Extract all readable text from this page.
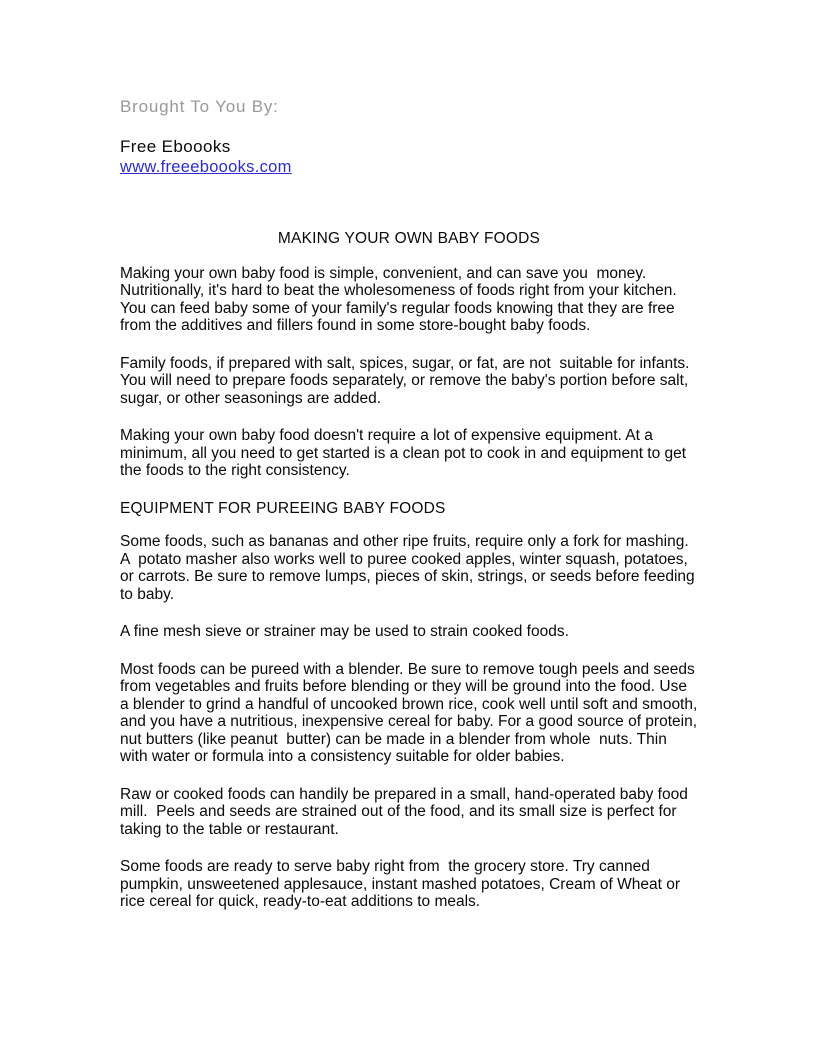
Brought To You By:

Free Eboooks

www.freeeboooks.com
MAKING YOUR OWN BABY FOODS

Making your own baby food is simple, convenient, and can save you  money. Nutritionally, it's hard to beat the wholesomeness of foods right from your kitchen. You can feed baby some of your family's regular foods knowing that they are free from the additives and fillers found in some store-bought baby foods.

Family foods, if prepared with salt, spices, sugar, or fat, are not  suitable for infants. You will need to prepare foods separately, or remove the baby's portion before salt, sugar, or other seasonings are added.

Making your own baby food doesn't require a lot of expensive equipment. At a minimum, all you need to get started is a clean pot to cook in and equipment to get the foods to the right consistency.

EQUIPMENT FOR PUREEING BABY FOODS

Some foods, such as bananas and other ripe fruits, require only a fork for mashing. A  potato masher also works well to puree cooked apples, winter squash, potatoes, or carrots. Be sure to remove lumps, pieces of skin, strings, or seeds before feeding to baby.

A fine mesh sieve or strainer may be used to strain cooked foods.

Most foods can be pureed with a blender. Be sure to remove tough peels and seeds from vegetables and fruits before blending or they will be ground into the food. Use a blender to grind a handful of uncooked brown rice, cook well until soft and smooth, and you have a nutritious, inexpensive cereal for baby. For a good source of protein, nut butters (like peanut  butter) can be made in a blender from whole  nuts. Thin with water or formula into a consistency suitable for older babies.

Raw or cooked foods can handily be prepared in a small, hand-operated baby food mill.  Peels and seeds are strained out of the food, and its small size is perfect for taking to the table or restaurant.

Some foods are ready to serve baby right from  the grocery store. Try canned pumpkin, unsweetened applesauce, instant mashed potatoes, Cream of Wheat or rice cereal for quick, ready-to-eat additions to meals.
